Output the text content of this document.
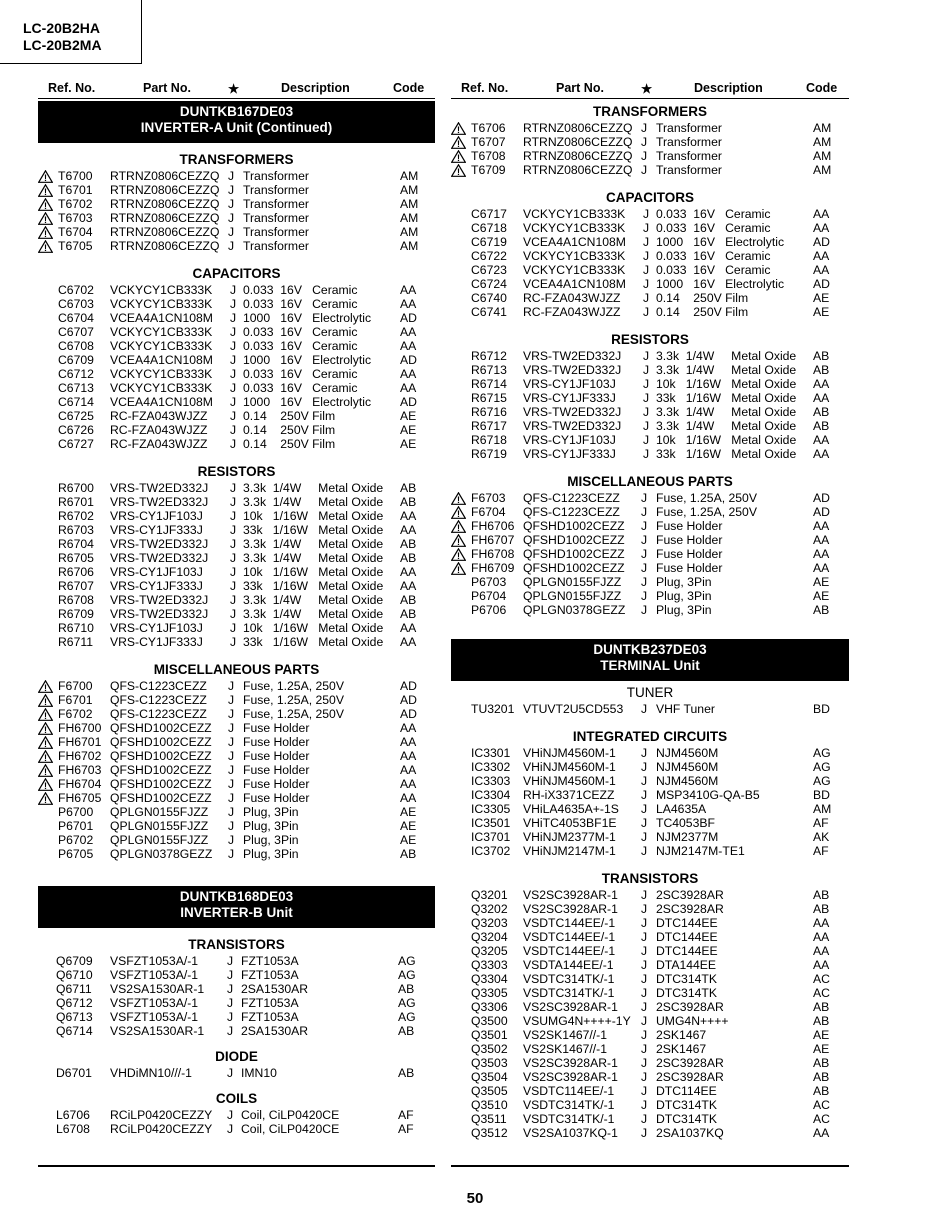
LC-20B2HA
LC-20B2MA
Ref. No.	Part No.	★	Description	Code
DUNTKB167DE03
INVERTER-A Unit (Continued)
TRANSFORMERS
! T6700 RTRNZ0806CEZZQ J Transformer	AM
! T6701 RTRNZ0806CEZZQ J Transformer	AM
! T6702 RTRNZ0806CEZZQ J Transformer	AM
! T6703 RTRNZ0806CEZZQ J Transformer	AM
! T6704 RTRNZ0806CEZZQ J Transformer	AM
! T6705 RTRNZ0806CEZZQ J Transformer	AM
CAPACITORS
C6702 VCKYCY1CB333K J 0.033  16V   Ceramic	AA
C6703 VCKYCY1CB333K J 0.033  16V   Ceramic	AA
C6704 VCEA4A1CN108M J 1000   16V   Electrolytic AD
C6707 VCKYCY1CB333K J 0.033  16V   Ceramic	AA
C6708 VCKYCY1CB333K J 0.033  16V   Ceramic	AA
C6709 VCEA4A1CN108M J 1000   16V   Electrolytic AD
C6712 VCKYCY1CB333K J 0.033  16V   Ceramic	AA
C6713 VCKYCY1CB333K J 0.033  16V   Ceramic	AA
C6714 VCEA4A1CN108M J 1000   16V   Electrolytic AD
C6725 RC-FZA043WJZZ J 0.14    250V Film	AE
C6726 RC-FZA043WJZZ J 0.14    250V Film	AE
C6727 RC-FZA043WJZZ J 0.14    250V Film	AE
RESISTORS
R6700 VRS-TW2ED332J J 3.3k  1/4W     Metal Oxide AB
R6701 VRS-TW2ED332J J 3.3k  1/4W     Metal Oxide AB
R6702 VRS-CY1JF103J J 10k   1/16W   Metal Oxide AA
R6703 VRS-CY1JF333J J 33k   1/16W   Metal Oxide AA
R6704 VRS-TW2ED332J J 3.3k  1/4W     Metal Oxide AB
R6705 VRS-TW2ED332J J 3.3k  1/4W     Metal Oxide AB
R6706 VRS-CY1JF103J J 10k   1/16W   Metal Oxide AA
R6707 VRS-CY1JF333J J 33k   1/16W   Metal Oxide AA
R6708 VRS-TW2ED332J J 3.3k  1/4W     Metal Oxide AB
R6709 VRS-TW2ED332J J 3.3k  1/4W     Metal Oxide AB
R6710 VRS-CY1JF103J J 10k   1/16W   Metal Oxide AA
R6711 VRS-CY1JF333J J 33k   1/16W   Metal Oxide AA
MISCELLANEOUS PARTS
! F6700 QFS-C1223CEZZ J Fuse, 1.25A, 250V	AD
! F6701 QFS-C1223CEZZ J Fuse, 1.25A, 250V	AD
! F6702 QFS-C1223CEZZ J Fuse, 1.25A, 250V	AD
! FH6700 QFSHD1002CEZZ J Fuse Holder	AA
! FH6701 QFSHD1002CEZZ J Fuse Holder	AA
! FH6702 QFSHD1002CEZZ J Fuse Holder	AA
! FH6703 QFSHD1002CEZZ J Fuse Holder	AA
! FH6704 QFSHD1002CEZZ J Fuse Holder	AA
! FH6705 QFSHD1002CEZZ J Fuse Holder	AA
P6700 QPLGN0155FJZZ J Plug, 3Pin	AE
P6701 QPLGN0155FJZZ J Plug, 3Pin	AE
P6702 QPLGN0155FJZZ J Plug, 3Pin	AE
P6705 QPLGN0378GEZZ J Plug, 3Pin	AB
DUNTKB168DE03
INVERTER-B Unit
TRANSISTORS
Q6709 VSFZT1053A/-1 J FZT1053A	AG
Q6710 VSFZT1053A/-1 J FZT1053A	AG
Q6711 VS2SA1530AR-1 J 2SA1530AR	AB
Q6712 VSFZT1053A/-1 J FZT1053A	AG
Q6713 VSFZT1053A/-1 J FZT1053A	AG
Q6714 VS2SA1530AR-1 J 2SA1530AR	AB
DIODE
D6701 VHDiMN10///-1	J IMN10	AB
COILS
L6706 RCiLP0420CEZZY J Coil, CiLP0420CE	AF
L6708 RCiLP0420CEZZY J Coil, CiLP0420CE	AF
Ref. No.	Part No.	★	Description	Code
TRANSFORMERS
! T6706 RTRNZ0806CEZZQ J Transformer	AM
! T6707 RTRNZ0806CEZZQ J Transformer	AM
! T6708 RTRNZ0806CEZZQ J Transformer	AM
! T6709 RTRNZ0806CEZZQ J Transformer	AM
CAPACITORS
C6717 VCKYCY1CB333K J 0.033  16V   Ceramic	AA
C6718 VCKYCY1CB333K J 0.033  16V   Ceramic	AA
C6719 VCEA4A1CN108M J 1000   16V   Electrolytic AD
C6722 VCKYCY1CB333K J 0.033  16V   Ceramic	AA
C6723 VCKYCY1CB333K J 0.033  16V   Ceramic	AA
C6724 VCEA4A1CN108M J 1000   16V   Electrolytic AD
C6740 RC-FZA043WJZZ J 0.14    250V Film	AE
C6741 RC-FZA043WJZZ J 0.14    250V Film	AE
RESISTORS
R6712 VRS-TW2ED332J J 3.3k  1/4W     Metal Oxide AB
R6713 VRS-TW2ED332J J 3.3k  1/4W     Metal Oxide AB
R6714 VRS-CY1JF103J J 10k   1/16W   Metal Oxide AA
R6715 VRS-CY1JF333J J 33k   1/16W   Metal Oxide AA
R6716 VRS-TW2ED332J J 3.3k  1/4W     Metal Oxide AB
R6717 VRS-TW2ED332J J 3.3k  1/4W     Metal Oxide AB
R6718 VRS-CY1JF103J J 10k   1/16W   Metal Oxide AA
R6719 VRS-CY1JF333J J 33k   1/16W   Metal Oxide AA
MISCELLANEOUS PARTS
! F6703 QFS-C1223CEZZ J Fuse, 1.25A, 250V	AD
! F6704 QFS-C1223CEZZ J Fuse, 1.25A, 250V	AD
! FH6706 QFSHD1002CEZZ J Fuse Holder	AA
! FH6707 QFSHD1002CEZZ J Fuse Holder	AA
! FH6708 QFSHD1002CEZZ J Fuse Holder	AA
! FH6709 QFSHD1002CEZZ J Fuse Holder	AA
P6703 QPLGN0155FJZZ J Plug, 3Pin	AE
P6704 QPLGN0155FJZZ J Plug, 3Pin	AE
P6706 QPLGN0378GEZZ J Plug, 3Pin	AB
DUNTKB237DE03
TERMINAL Unit
TUNER
TU3201 VTUVT2U5CD553 J VHF Tuner	BD
INTEGRATED CIRCUITS
IC3301 VHiNJM4560M-1 J NJM4560M	AG
IC3302 VHiNJM4560M-1 J NJM4560M	AG
IC3303 VHiNJM4560M-1 J NJM4560M	AG
IC3304 RH-iX3371CEZZ J MSP3410G-QA-B5	BD
IC3305 VHiLA4635A+-1S J LA4635A	AM
IC3501 VHiTC4053BF1E J TC4053BF	AF
IC3701 VHiNJM2377M-1 J NJM2377M	AK
IC3702 VHiNJM2147M-1 J NJM2147M-TE1	AF
TRANSISTORS
Q3201 VS2SC3928AR-1 J 2SC3928AR	AB
Q3202 VS2SC3928AR-1 J 2SC3928AR	AB
Q3203 VSDTC144EE/-1 J DTC144EE	AA
Q3204 VSDTC144EE/-1 J DTC144EE	AA
Q3205 VSDTC144EE/-1 J DTC144EE	AA
Q3303 VSDTA144EE/-1 J DTA144EE	AA
Q3304 VSDTC314TK/-1 J DTC314TK	AC
Q3305 VSDTC314TK/-1 J DTC314TK	AC
Q3306 VS2SC3928AR-1 J 2SC3928AR	AB
Q3500 VSUMG4N++++-1Y J UMG4N++++	AB
Q3501 VS2SK1467//-1	J 2SK1467	AE
Q3502 VS2SK1467//-1	J 2SK1467	AE
Q3503 VS2SC3928AR-1 J 2SC3928AR	AB
Q3504 VS2SC3928AR-1 J 2SC3928AR	AB
Q3505 VSDTC114EE/-1 J DTC114EE	AB
Q3510 VSDTC314TK/-1 J DTC314TK	AC
Q3511 VSDTC314TK/-1 J DTC314TK	AC
Q3512 VS2SA1037KQ-1 J 2SA1037KQ	AA
50
